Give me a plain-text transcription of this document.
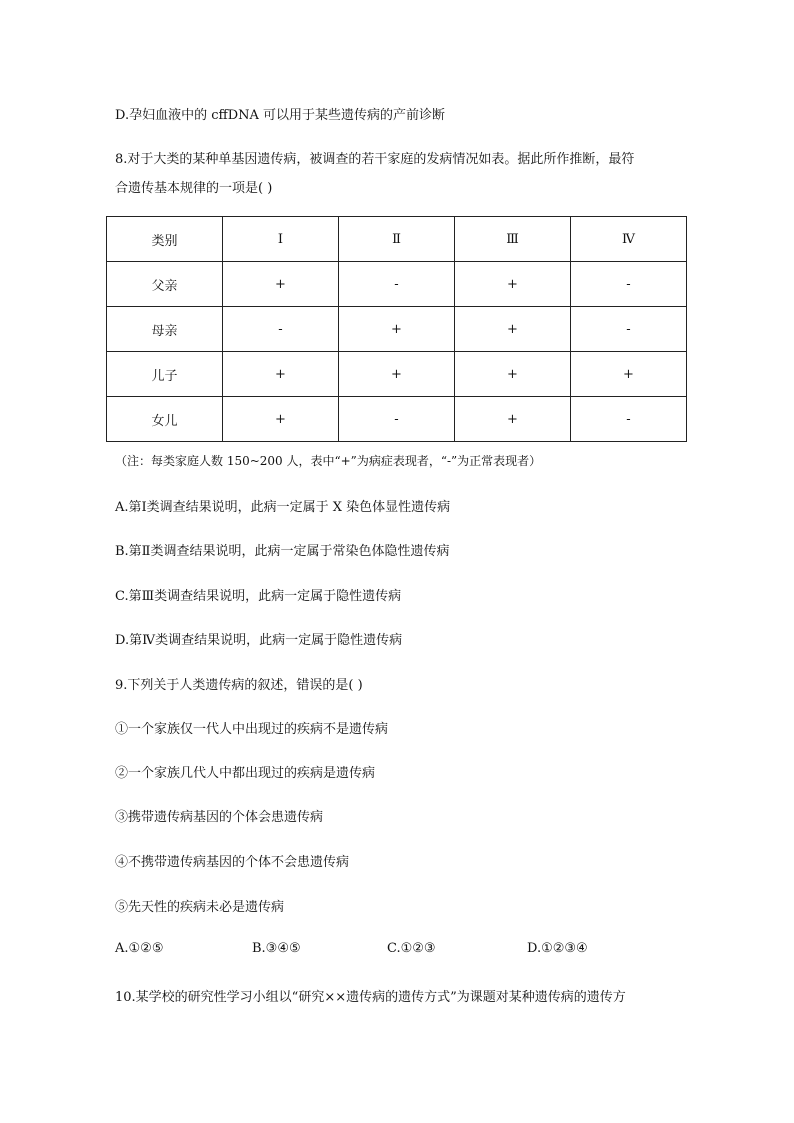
D.孕妇血液中的 cffDNA 可以用于某些遗传病的产前诊断
8.对于大类的某种单基因遗传病，被调查的若干家庭的发病情况如表。据此所作推断，最符
合遗传基本规律的一项是( )
类别	Ⅰ	Ⅱ	Ⅲ	Ⅳ
父亲	+	-	+	-
母亲	-	+	+	-
儿子	+	+	+	+
女儿	+	-	+	-
（注：每类家庭人数 150~200 人，表中“+”为病症表现者，“-”为正常表现者）
A.第Ⅰ类调查结果说明，此病一定属于 X 染色体显性遗传病
B.第Ⅱ类调查结果说明，此病一定属于常染色体隐性遗传病
C.第Ⅲ类调查结果说明，此病一定属于隐性遗传病
D.第Ⅳ类调查结果说明，此病一定属于隐性遗传病
9.下列关于人类遗传病的叙述，错误的是( )
①一个家族仅一代人中出现过的疾病不是遗传病
②一个家族几代人中都出现过的疾病是遗传病
③携带遗传病基因的个体会患遗传病
④不携带遗传病基因的个体不会患遗传病
⑤先天性的疾病未必是遗传病
A.①②⑤	B.③④⑤	C.①②③	D.①②③④
10.某学校的研究性学习小组以“研究××遗传病的遗传方式”为课题对某种遗传病的遗传方
